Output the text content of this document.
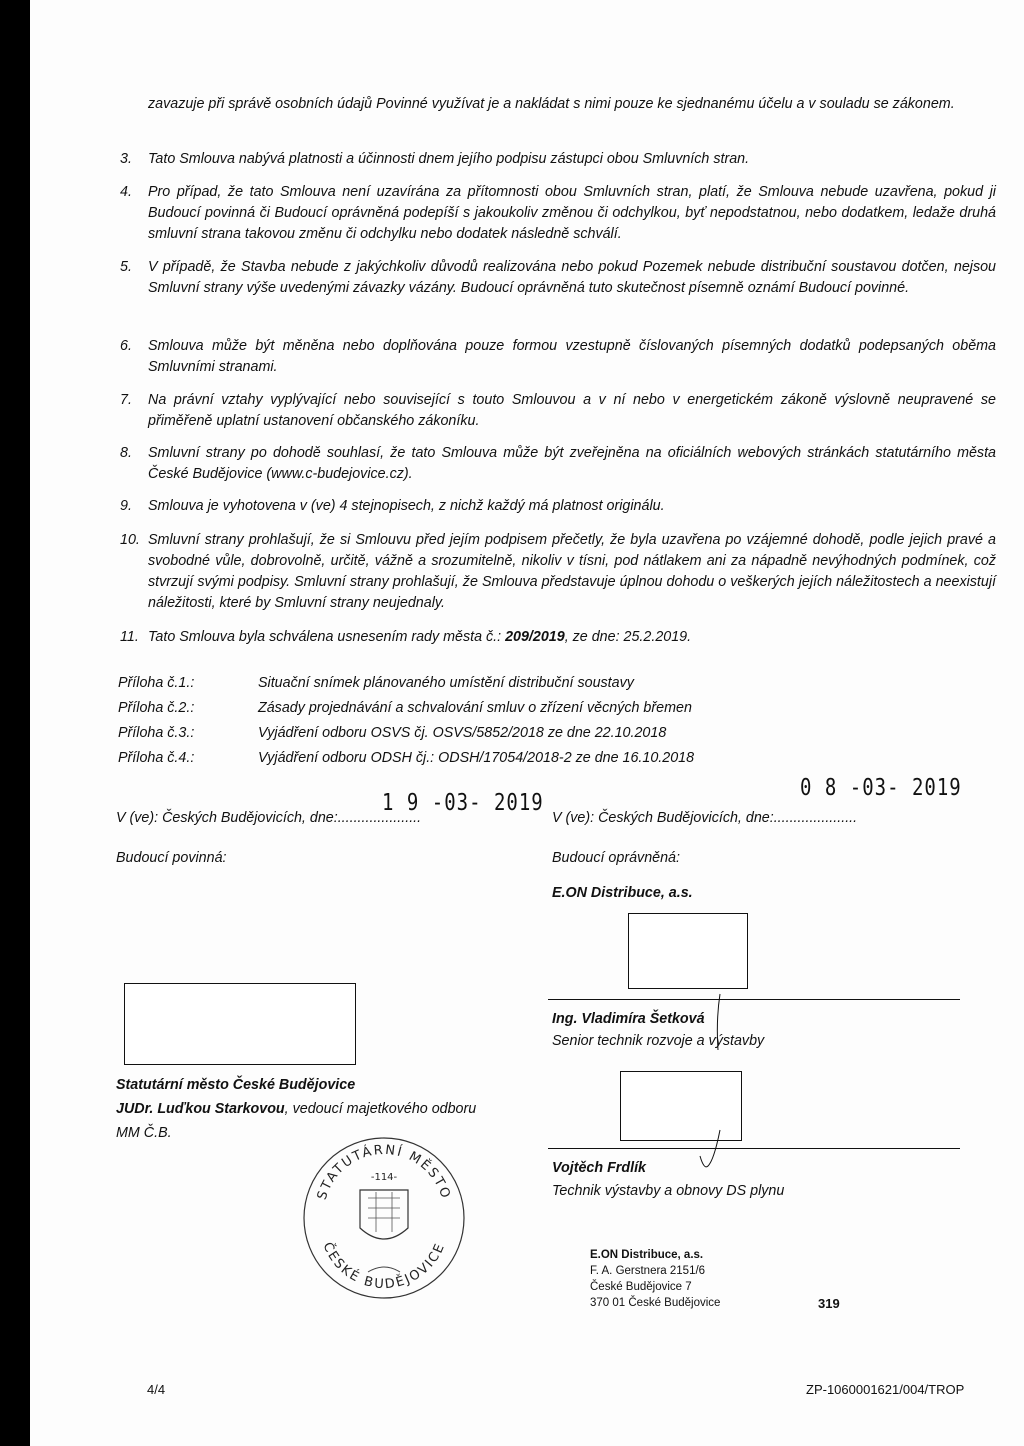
zavazuje při správě osobních údajů Povinné využívat je a nakládat s nimi pouze ke sjednanému účelu a v souladu se zákonem.
3. Tato Smlouva nabývá platnosti a účinnosti dnem jejího podpisu zástupci obou Smluvních stran.
4. Pro případ, že tato Smlouva není uzavírána za přítomnosti obou Smluvních stran, platí, že Smlouva nebude uzavřena, pokud ji Budoucí povinná či Budoucí oprávněná podepíší s jakoukoliv změnou či odchylkou, byť nepodstatnou, nebo dodatkem, ledaže druhá smluvní strana takovou změnu či odchylku nebo dodatek následně schválí.
5. V případě, že Stavba nebude z jakýchkoliv důvodů realizována nebo pokud Pozemek nebude distribuční soustavou dotčen, nejsou Smluvní strany výše uvedenými závazky vázány. Budoucí oprávněná tuto skutečnost písemně oznámí Budoucí povinné.
6. Smlouva může být měněna nebo doplňována pouze formou vzestupně číslovaných písemných dodatků podepsaných oběma Smluvními stranami.
7. Na právní vztahy vyplývající nebo související s touto Smlouvou a v ní nebo v energetickém zákoně výslovně neupravené se přiměřeně uplatní ustanovení občanského zákoníku.
8. Smluvní strany po dohodě souhlasí, že tato Smlouva může být zveřejněna na oficiálních webových stránkách statutárního města České Budějovice (www.c-budejovice.cz).
9. Smlouva je vyhotovena v (ve) 4 stejnopisech, z nichž každý má platnost originálu.
10. Smluvní strany prohlašují, že si Smlouvu před jejím podpisem přečetly, že byla uzavřena po vzájemné dohodě, podle jejich pravé a svobodné vůle, dobrovolně, určitě, vážně a srozumitelně, nikoliv v tísni, pod nátlakem ani za nápadně nevýhodných podmínek, což stvrzují svými podpisy. Smluvní strany prohlašují, že Smlouva představuje úplnou dohodu o veškerých jejích náležitostech a neexistují náležitosti, které by Smluvní strany neujednaly.
11. Tato Smlouva byla schválena usnesením rady města č.: 209/2019, ze dne: 25.2.2019.
Příloha č.1.:	Situační snímek plánovaného umístění distribuční soustavy
Příloha č.2.:	Zásady projednávání a schvalování smluv o zřízení věcných břemen
Příloha č.3.:	Vyjádření odboru OSVS čj. OSVS/5852/2018 ze dne 22.10.2018
Příloha č.4.:	Vyjádření odboru ODSH čj.: ODSH/17054/2018-2 ze dne 16.10.2018
1 9 -03- 2019
0 8 -03- 2019
V (ve): Českých Budějovicích, dne:.....................
Budoucí povinná:
Statutární město České Budějovice
JUDr. Luďkou Starkovou, vedoucí majetkového odboru
MM Č.B.
STATUTÁRNÍ MĚSTO
ČESKÉ BUDĚJOVICE
-114-
V (ve): Českých Budějovicích, dne:.....................
Budoucí oprávněná:
E.ON Distribuce, a.s.
Ing. Vladimíra Šetková
Senior technik rozvoje a výstavby
Vojtěch Frdlík
Technik výstavby a obnovy DS plynu
E.ON Distribuce, a.s.
F. A. Gerstnera 2151/6
České Budějovice 7
370 01 České Budějovice	319
4/4	ZP-1060001621/004/TROP
